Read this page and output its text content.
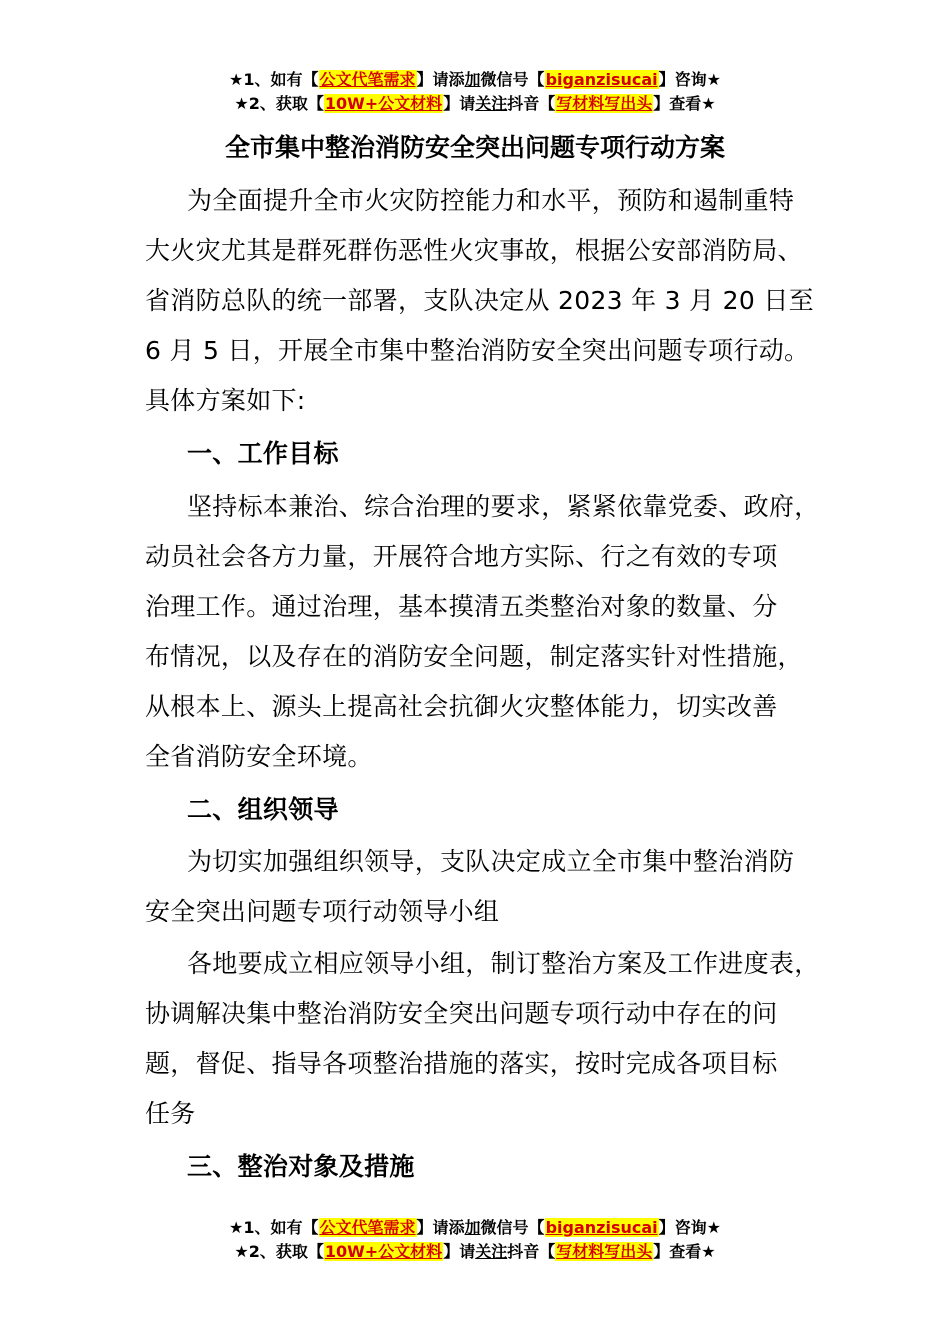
★1、如有【公文代笔需求】请添加微信号【biganzisucai】咨询★
★2、获取【10W+公文材料】请关注抖音【写材料写出头】查看★
全市集中整治消防安全突出问题专项行动方案
为全面提升全市火灾防控能力和水平，预防和遏制重特
大火灾尤其是群死群伤恶性火灾事故，根据公安部消防局、
省消防总队的统一部署，支队决定从 2023 年 3 月 20 日至
6 月 5 日，开展全市集中整治消防安全突出问题专项行动。
具体方案如下:
一、工作目标
坚持标本兼治、综合治理的要求，紧紧依靠党委、政府，
动员社会各方力量，开展符合地方实际、行之有效的专项
治理工作。通过治理，基本摸清五类整治对象的数量、分
布情况，以及存在的消防安全问题，制定落实针对性措施，
从根本上、源头上提高社会抗御火灾整体能力，切实改善
全省消防安全环境。
二、组织领导
为切实加强组织领导，支队决定成立全市集中整治消防
安全突出问题专项行动领导小组
各地要成立相应领导小组，制订整治方案及工作进度表，
协调解决集中整治消防安全突出问题专项行动中存在的问
题，督促、指导各项整治措施的落实，按时完成各项目标
任务
三、整治对象及措施
★1、如有【公文代笔需求】请添加微信号【biganzisucai】咨询★
★2、获取【10W+公文材料】请关注抖音【写材料写出头】查看★
